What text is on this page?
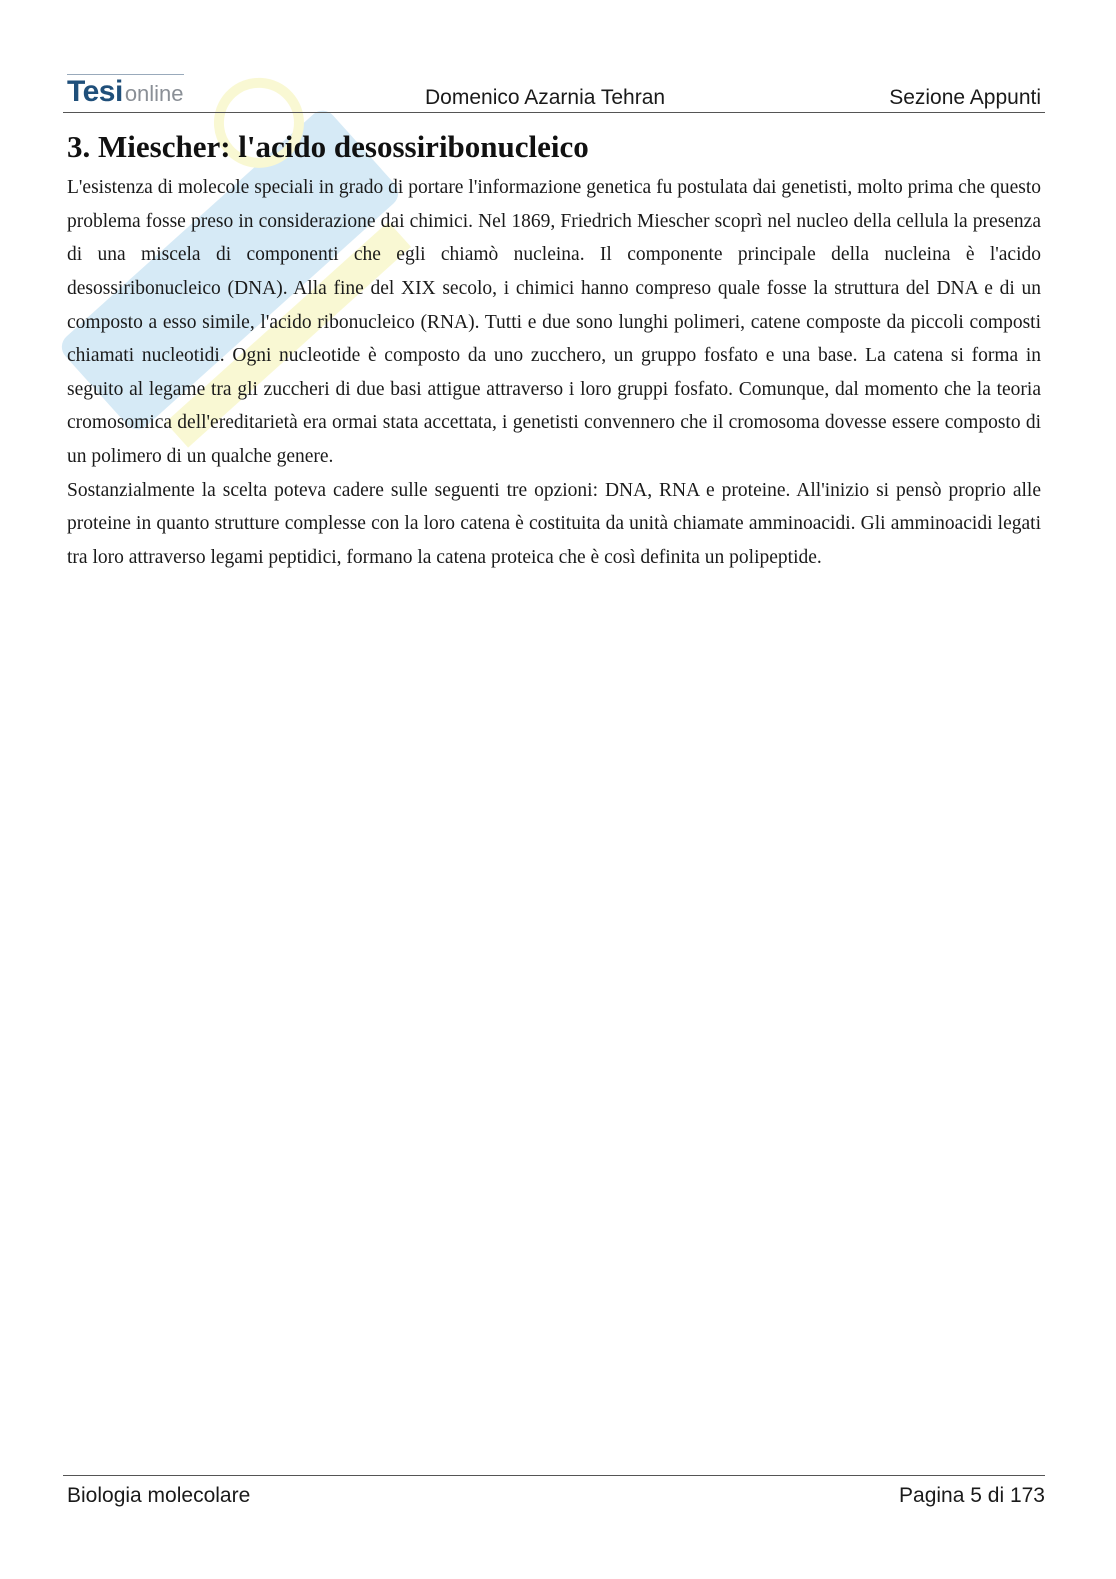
Tesionline	Domenico Azarnia Tehran	Sezione Appunti
3. Miescher: l'acido desossiribonucleico

L'esistenza di molecole speciali in grado di portare l'informazione genetica fu postulata dai genetisti, molto prima che questo problema fosse preso in considerazione dai chimici. Nel 1869, Friedrich Miescher scoprì nel nucleo della cellula la presenza di una miscela di componenti che egli chiamò nucleina. Il componente principale della nucleina è l'acido desossiribonucleico (DNA). Alla fine del XIX secolo, i chimici hanno compreso quale fosse la struttura del DNA e di un composto a esso simile, l'acido ribonucleico (RNA). Tutti e due sono lunghi polimeri, catene composte da piccoli composti chiamati nucleotidi. Ogni nucleotide è composto da uno zucchero, un gruppo fosfato e una base. La catena si forma in seguito al legame tra gli zuccheri di due basi attigue attraverso i loro gruppi fosfato. Comunque, dal momento che la teoria cromosomica dell'ereditarietà era ormai stata accettata, i genetisti convennero che il cromosoma dovesse essere composto di un polimero di un qualche genere.

Sostanzialmente la scelta poteva cadere sulle seguenti tre opzioni: DNA, RNA e proteine. All'inizio si pensò proprio alle proteine in quanto strutture complesse con la loro catena è costituita da unità chiamate amminoacidi. Gli amminoacidi legati tra loro attraverso legami peptidici, formano la catena proteica che è così definita un polipeptide.

Biologia molecolare	Pagina 5 di 173
